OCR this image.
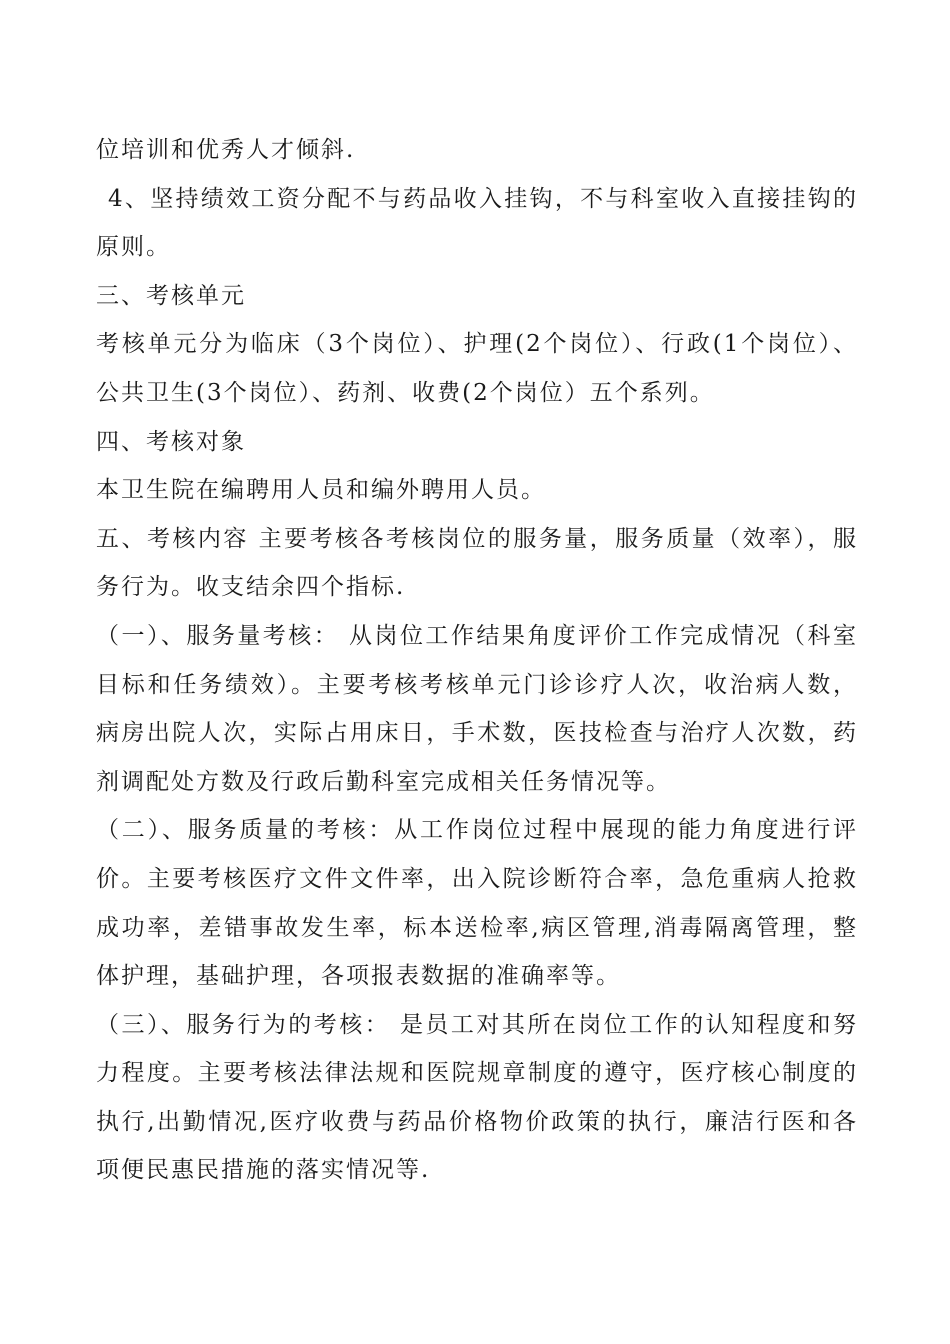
位培训和优秀人才倾斜.

4、坚持绩效工资分配不与药品收入挂钩，不与科室收入直接挂钩的原则。

三、考核单元

考核单元分为临床（3个岗位）、护理(2个岗位）、行政(1个岗位）、公共卫生(3个岗位）、药剂、收费(2个岗位）五个系列。

四、考核对象

本卫生院在编聘用人员和编外聘用人员。

五、考核内容 主要考核各考核岗位的服务量，服务质量（效率），服务行为。收支结余四个指标.

（一）、服务量考核： 从岗位工作结果角度评价工作完成情况（科室目标和任务绩效）。主要考核考核单元门诊诊疗人次，收治病人数，病房出院人次，实际占用床日，手术数，医技检查与治疗人次数，药剂调配处方数及行政后勤科室完成相关任务情况等。

（二）、服务质量的考核：从工作岗位过程中展现的能力角度进行评价。主要考核医疗文件文件率，出入院诊断符合率，急危重病人抢救成功率，差错事故发生率，标本送检率,病区管理,消毒隔离管理，整体护理，基础护理，各项报表数据的准确率等。

（三）、服务行为的考核： 是员工对其所在岗位工作的认知程度和努力程度。主要考核法律法规和医院规章制度的遵守，医疗核心制度的执行,出勤情况,医疗收费与药品价格物价政策的执行，廉洁行医和各项便民惠民措施的落实情况等.
